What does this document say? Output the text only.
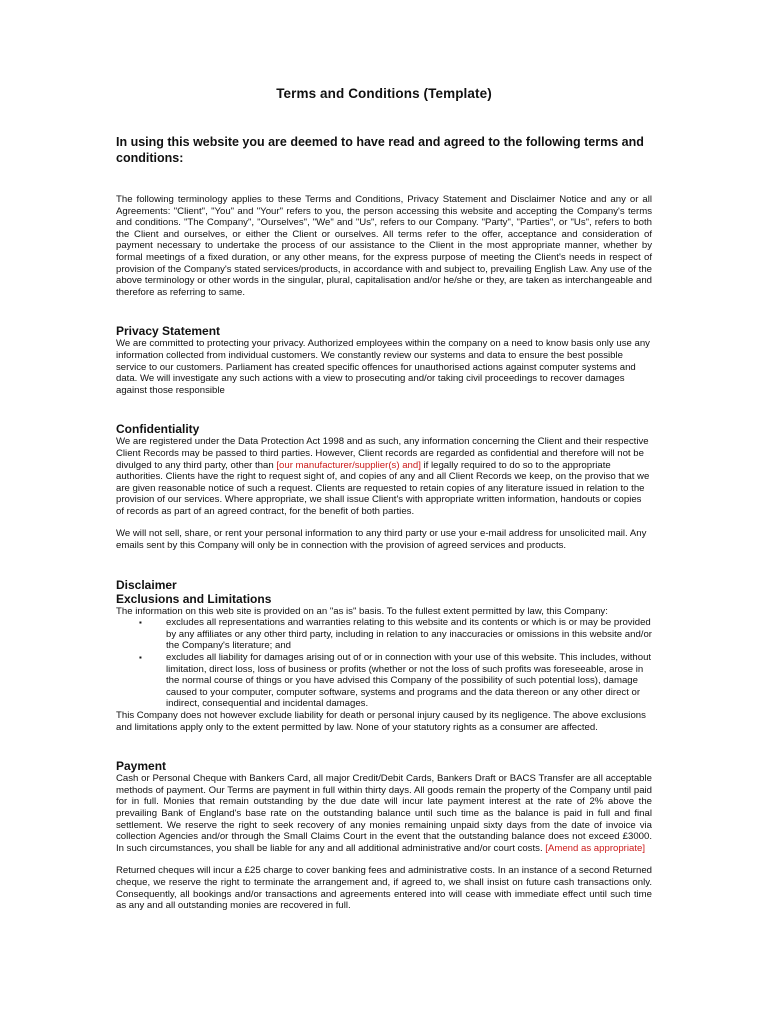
Terms and Conditions (Template)
In using this website you are deemed to have read and agreed to the following terms and conditions:

The following terminology applies to these Terms and Conditions, Privacy Statement and Disclaimer Notice and any or all Agreements: "Client", "You" and "Your" refers to you, the person accessing this website and accepting the Company's terms and conditions. "The Company", "Ourselves", "We" and "Us", refers to our Company. "Party", "Parties", or "Us", refers to both the Client and ourselves, or either the Client or ourselves. All terms refer to the offer, acceptance and consideration of payment necessary to undertake the process of our assistance to the Client in the most appropriate manner, whether by formal meetings of a fixed duration, or any other means, for the express purpose of meeting the Client's needs in respect of provision of the Company's stated services/products, in accordance with and subject to, prevailing English Law. Any use of the above terminology or other words in the singular, plural, capitalisation and/or he/she or they, are taken as interchangeable and therefore as referring to same.

Privacy Statement

We are committed to protecting your privacy. Authorized employees within the company on a need to know basis only use any information collected from individual customers. We constantly review our systems and data to ensure the best possible service to our customers. Parliament has created specific offences for unauthorised actions against computer systems and data. We will investigate any such actions with a view to prosecuting and/or taking civil proceedings to recover damages against those responsible

Confidentiality

We are registered under the Data Protection Act 1998 and as such, any information concerning the Client and their respective Client Records may be passed to third parties. However, Client records are regarded as confidential and therefore will not be divulged to any third party, other than [our manufacturer/supplier(s) and] if legally required to do so to the appropriate authorities. Clients have the right to request sight of, and copies of any and all Client Records we keep, on the proviso that we are given reasonable notice of such a request. Clients are requested to retain copies of any literature issued in relation to the provision of our services. Where appropriate, we shall issue Client's with appropriate written information, handouts or copies of records as part of an agreed contract, for the benefit of both parties.

We will not sell, share, or rent your personal information to any third party or use your e-mail address for unsolicited mail. Any emails sent by this Company will only be in connection with the provision of agreed services and products.

Disclaimer
Exclusions and Limitations

The information on this web site is provided on an "as is" basis. To the fullest extent permitted by law, this Company:

▪	excludes all representations and warranties relating to this website and its contents or which is or may be provided by any affiliates or any other third party, including in relation to any inaccuracies or omissions in this website and/or the Company's literature; and
▪	excludes all liability for damages arising out of or in connection with your use of this website. This includes, without limitation, direct loss, loss of business or profits (whether or not the loss of such profits was foreseeable, arose in the normal course of things or you have advised this Company of the possibility of such potential loss), damage caused to your computer, computer software, systems and programs and the data thereon or any other direct or indirect, consequential and incidental damages.

This Company does not however exclude liability for death or personal injury caused by its negligence. The above exclusions and limitations apply only to the extent permitted by law. None of your statutory rights as a consumer are affected.

Payment

Cash or Personal Cheque with Bankers Card, all major Credit/Debit Cards, Bankers Draft or BACS Transfer are all acceptable methods of payment. Our Terms are payment in full within thirty days. All goods remain the property of the Company until paid for in full. Monies that remain outstanding by the due date will incur late payment interest at the rate of 2% above the prevailing Bank of England's base rate on the outstanding balance until such time as the balance is paid in full and final settlement. We reserve the right to seek recovery of any monies remaining unpaid sixty days from the date of invoice via collection Agencies and/or through the Small Claims Court in the event that the outstanding balance does not exceed £3000. In such circumstances, you shall be liable for any and all additional administrative and/or court costs. [Amend as appropriate]

Returned cheques will incur a £25 charge to cover banking fees and administrative costs. In an instance of a second Returned cheque, we reserve the right to terminate the arrangement and, if agreed to, we shall insist on future cash transactions only. Consequently, all bookings and/or transactions and agreements entered into will cease with immediate effect until such time as any and all outstanding monies are recovered in full.
